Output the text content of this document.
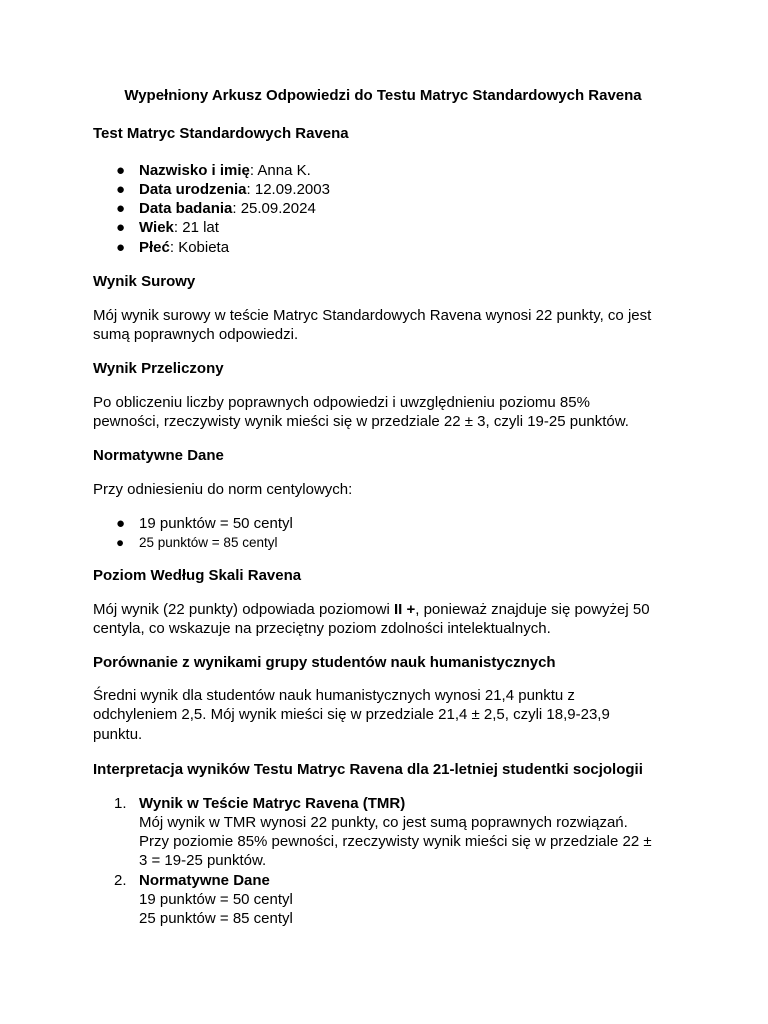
Wypełniony Arkusz Odpowiedzi do Testu Matryc Standardowych Ravena
Test Matryc Standardowych Ravena
● Nazwisko i imię: Anna K.
● Data urodzenia: 12.09.2003
● Data badania: 25.09.2024
● Wiek: 21 lat
● Płeć: Kobieta
Wynik Surowy
Mój wynik surowy w teście Matryc Standardowych Ravena wynosi 22 punkty, co jest
sumą poprawnych odpowiedzi.
Wynik Przeliczony
Po obliczeniu liczby poprawnych odpowiedzi i uwzględnieniu poziomu 85%
pewności, rzeczywisty wynik mieści się w przedziale 22 ± 3, czyli 19-25 punktów.
Normatywne Dane
Przy odniesieniu do norm centylowych:
● 19 punktów = 50 centyl
● 25 punktów = 85 centyl
Poziom Według Skali Ravena
Mój wynik (22 punkty) odpowiada poziomowi II +, ponieważ znajduje się powyżej 50
centyla, co wskazuje na przeciętny poziom zdolności intelektualnych.
Porównanie z wynikami grupy studentów nauk humanistycznych
Średni wynik dla studentów nauk humanistycznych wynosi 21,4 punktu z
odchyleniem 2,5. Mój wynik mieści się w przedziale 21,4 ± 2,5, czyli 18,9-23,9
punktu.
Interpretacja wyników Testu Matryc Ravena dla 21-letniej studentki socjologii
1. Wynik w Teście Matryc Ravena (TMR)
Mój wynik w TMR wynosi 22 punkty, co jest sumą poprawnych rozwiązań.
Przy poziomie 85% pewności, rzeczywisty wynik mieści się w przedziale 22 ±
3 = 19-25 punktów.
2. Normatywne Dane
19 punktów = 50 centyl
25 punktów = 85 centyl
